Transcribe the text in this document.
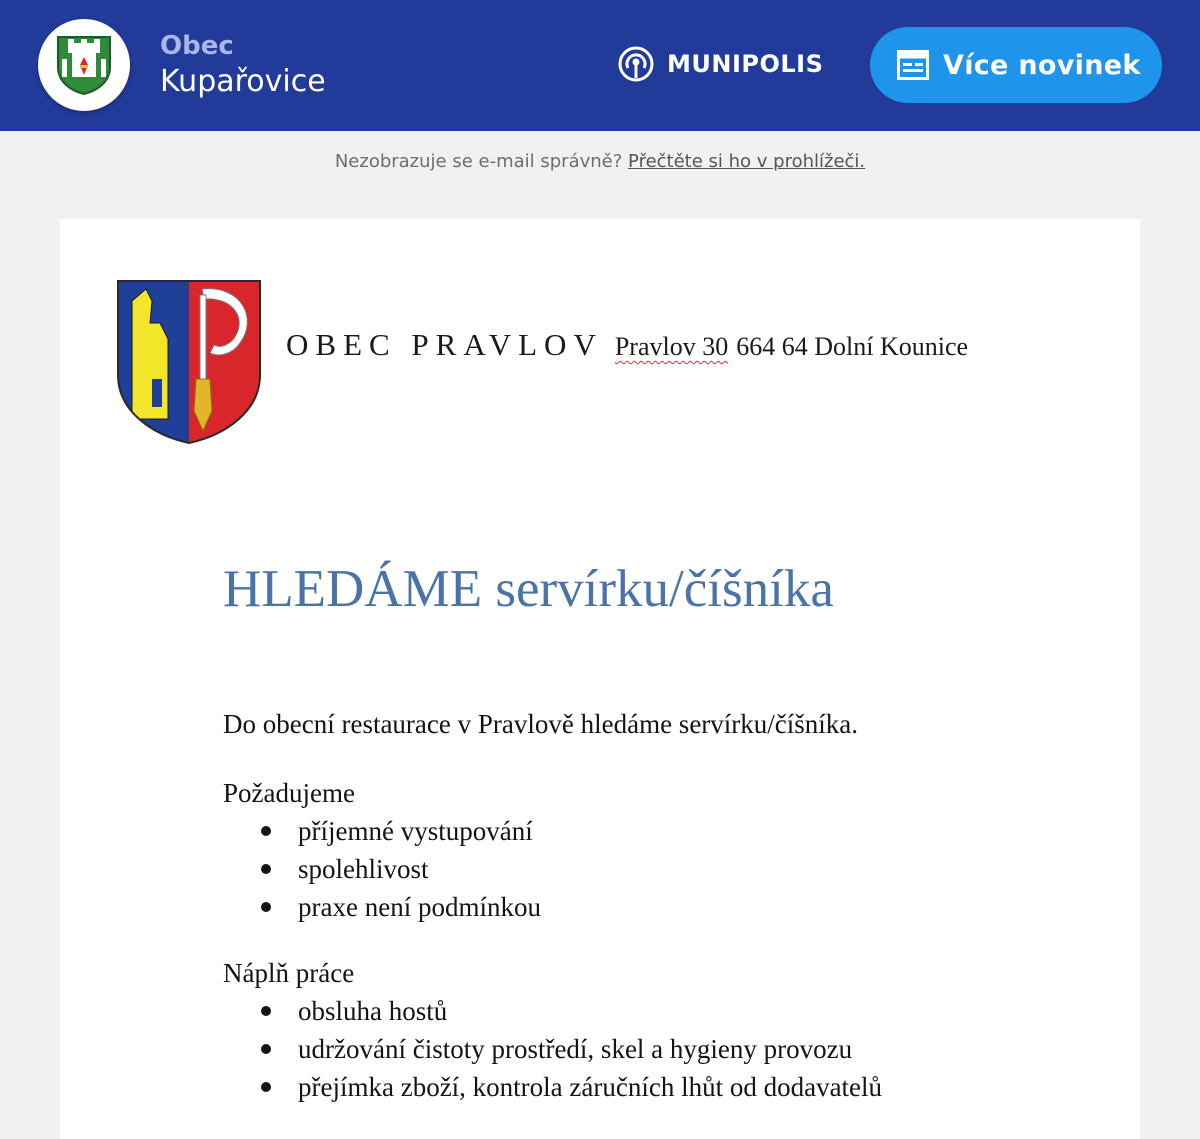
Obec
Kupařovice	MUNIPOLIS	Více novinek
Nezobrazuje se e-mail správně? Přečtěte si ho v prohlížeči.
OBEC PRAVLOV Pravlov 30 664 64 Dolní Kounice
HLEDÁME servírku/číšníka

Do obecní restaurace v Pravlově hledáme servírku/číšníka.

Požadujeme

příjemné vystupování
spolehlivost
praxe není podmínkou

Náplň práce

obsluha hostů
udržování čistoty prostředí, skel a hygieny provozu
přejímka zboží, kontrola záručních lhůt od dodavatelů
